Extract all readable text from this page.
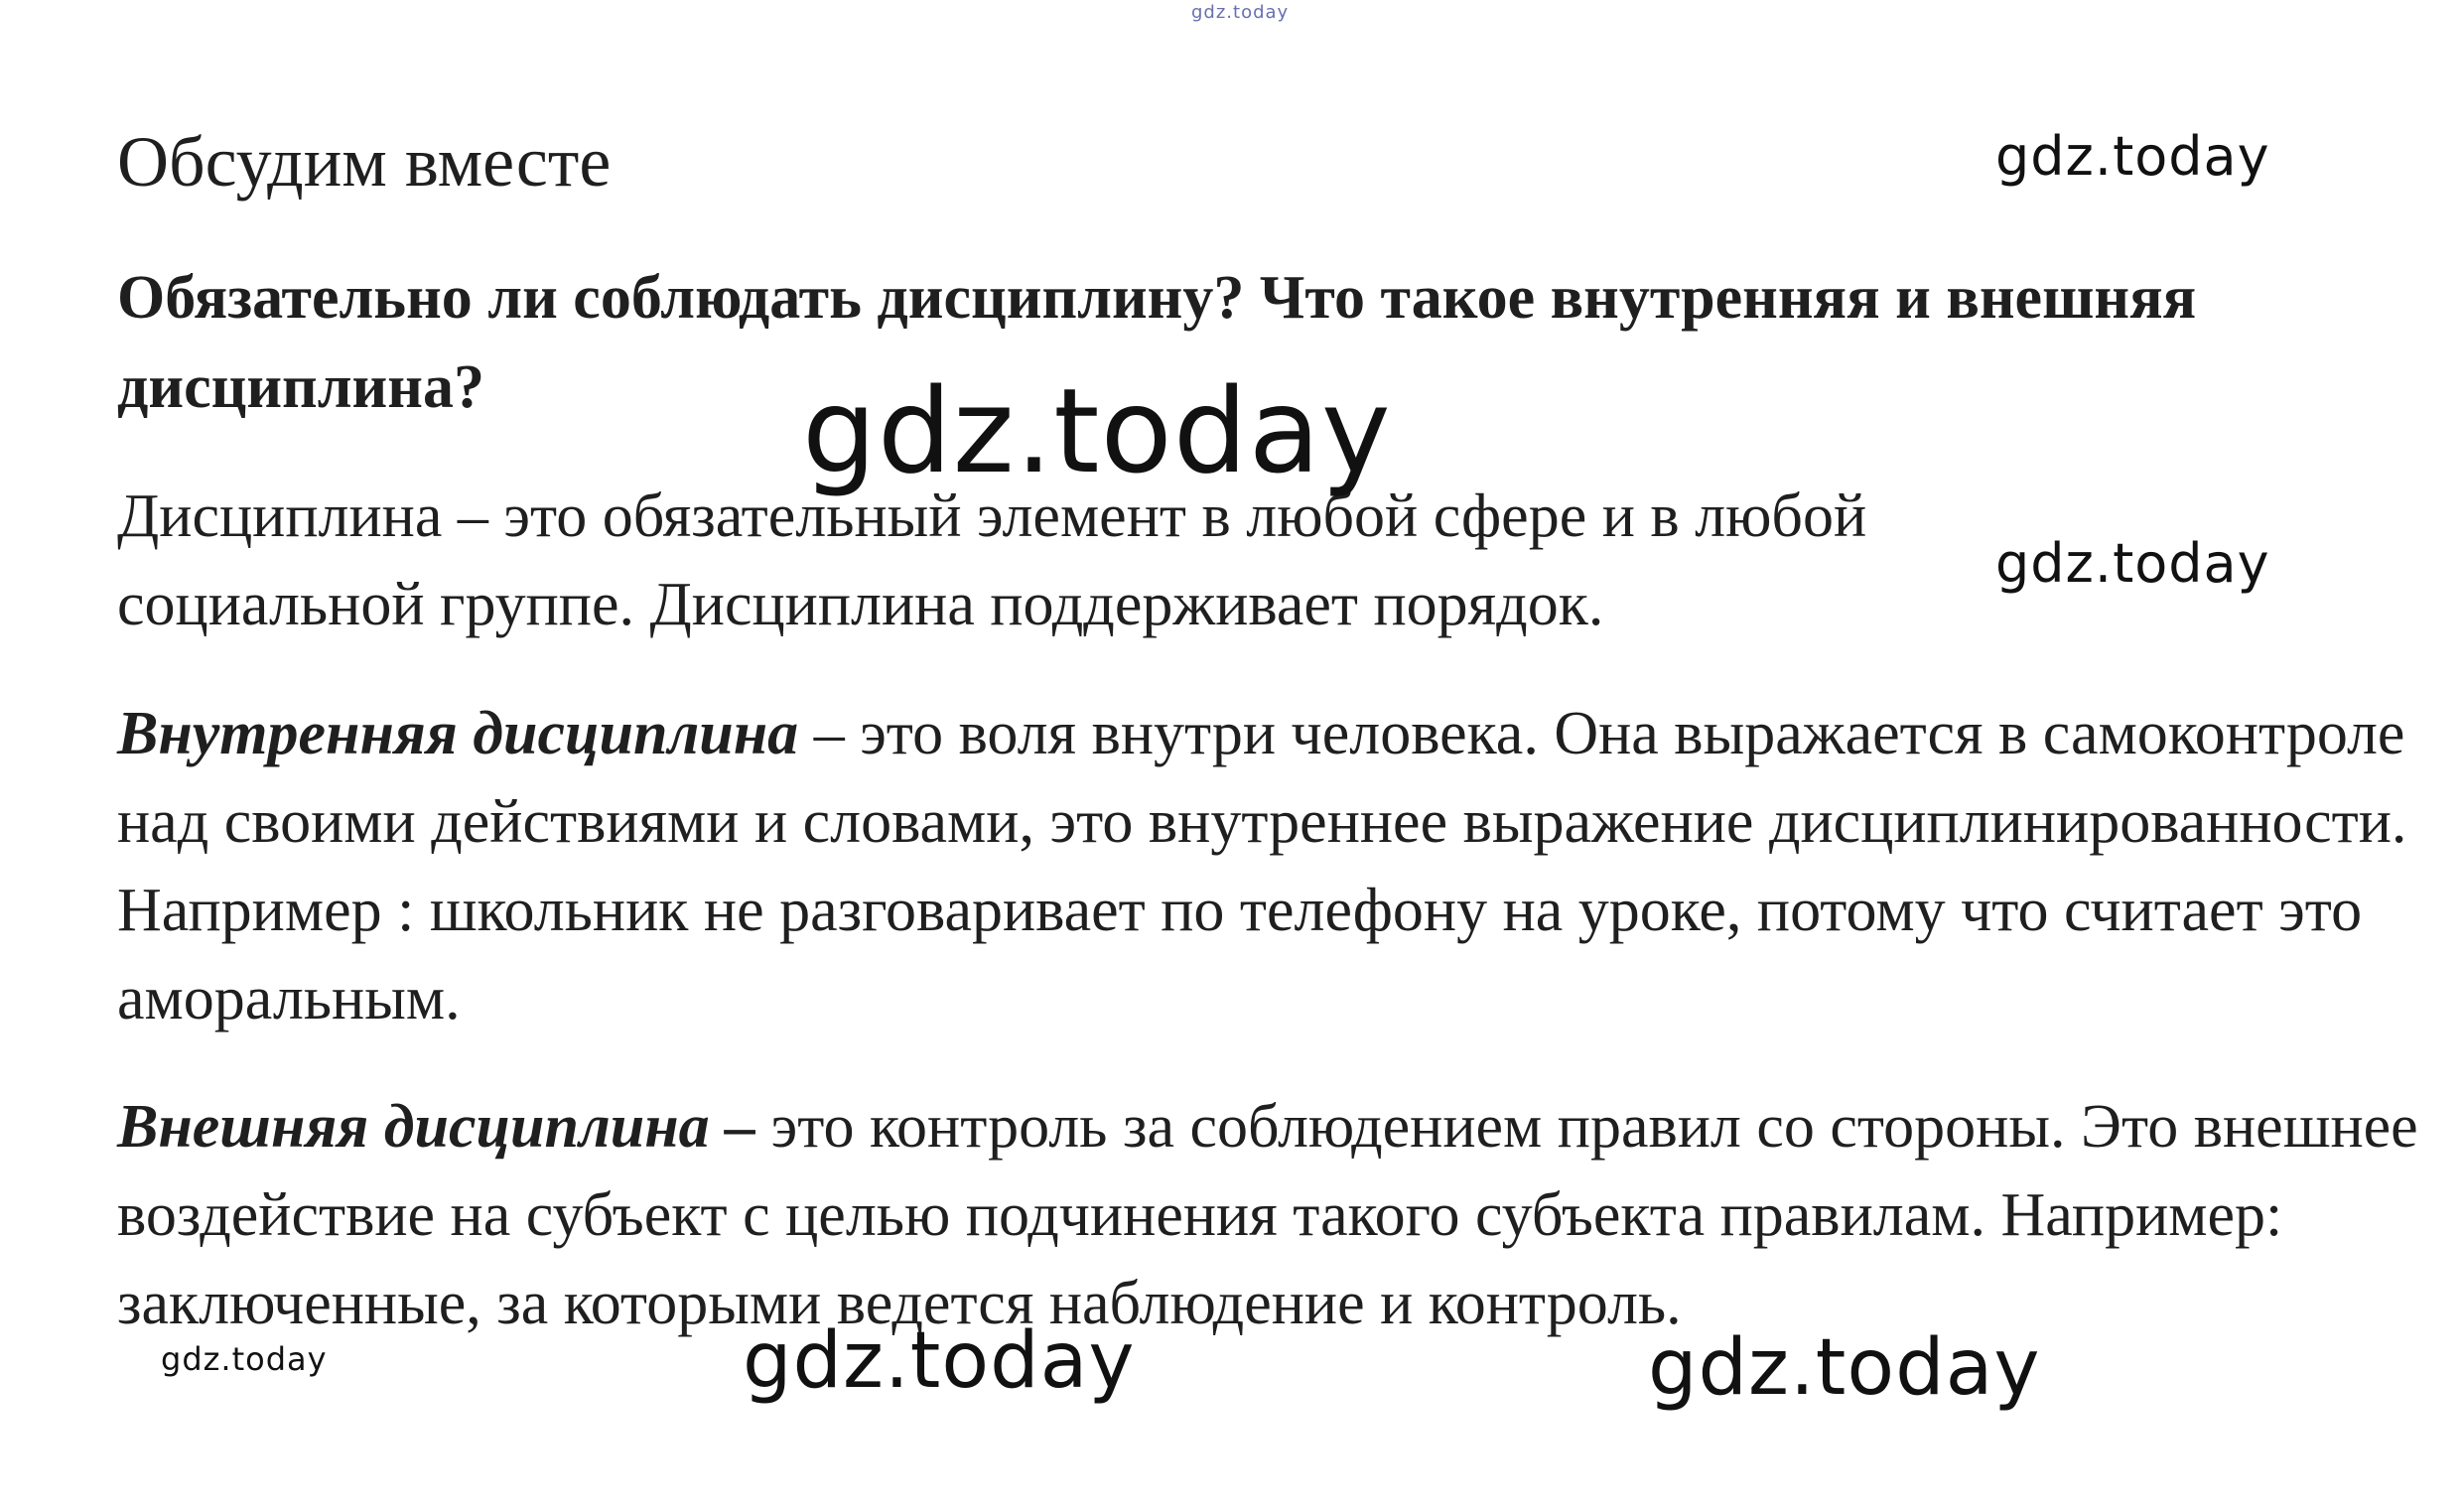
gdz.today
Обсудим вместе
Обязательно ли соблюдать дисциплину? Что такое внутренняя и внешняя дисциплина?
Дисциплина – это обязательный элемент в любой сфере и в любой социальной группе. Дисциплина поддерживает порядок.
Внутренняя дисциплина – это воля внутри человека. Она выражается в самоконтроле над своими действиями и словами, это внутреннее выражение дисциплинированности. Например : школьник не разговаривает по телефону на уроке, потому что считает это аморальным.
Внешняя дисциплина – это контроль за соблюдением правил со стороны. Это внешнее воздействие на субъект с целью подчинения такого субъекта правилам. Например: заключенные, за которыми ведется наблюдение и контроль.
gdz.today
gdz.today
gdz.today
gdz.today	gdz.today	gdz.today
